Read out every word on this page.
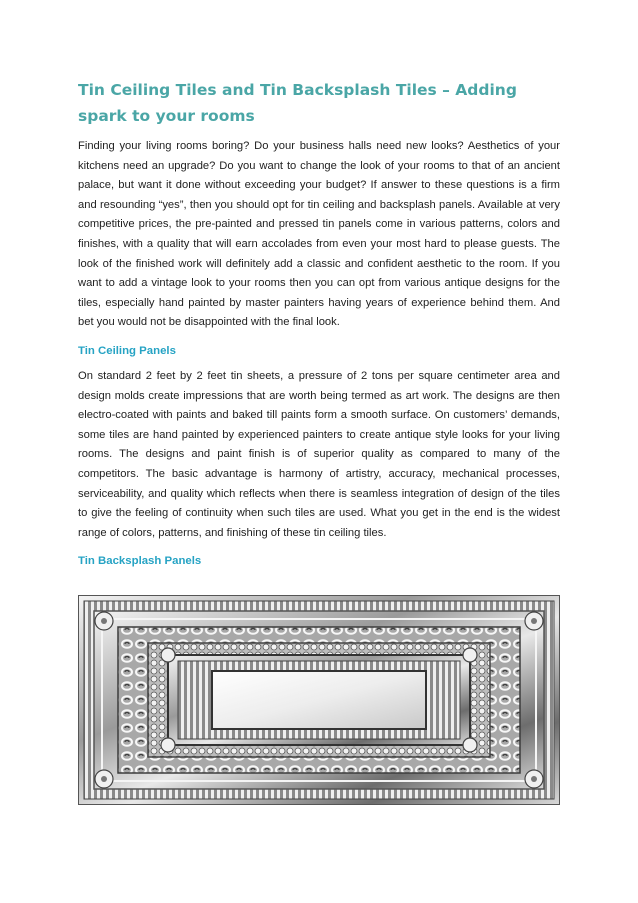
Tin Ceiling Tiles and Tin Backsplash Tiles – Adding spark to your rooms

Finding your living rooms boring? Do your business halls need new looks? Aesthetics of your kitchens need an upgrade? Do you want to change the look of your rooms to that of an ancient palace, but want it done without exceeding your budget? If answer to these questions is a firm and resounding “yes”, then you should opt for tin ceiling and backsplash panels. Available at very competitive prices, the pre-painted and pressed tin panels come in various patterns, colors and finishes, with a quality that will earn accolades from even your most hard to please guests. The look of the finished work will definitely add a classic and confident aesthetic to the room. If you want to add a vintage look to your rooms then you can opt from various antique designs for the tiles, especially hand painted by master painters having years of experience behind them. And bet you would not be disappointed with the final look.

Tin Ceiling Panels

On standard 2 feet by 2 feet tin sheets, a pressure of 2 tons per square centimeter area and design molds create impressions that are worth being termed as art work. The designs are then electro-coated with paints and baked till paints form a smooth surface. On customers’ demands, some tiles are hand painted by experienced painters to create antique style looks for your living rooms. The designs and paint finish is of superior quality as compared to many of the competitors. The basic advantage is harmony of artistry, accuracy, mechanical processes, serviceability, and quality which reflects when there is seamless integration of design of the tiles to give the feeling of continuity when such tiles are used. What you get in the end is the widest range of colors, patterns, and finishing of these tin ceiling tiles.

Tin Backsplash Panels
